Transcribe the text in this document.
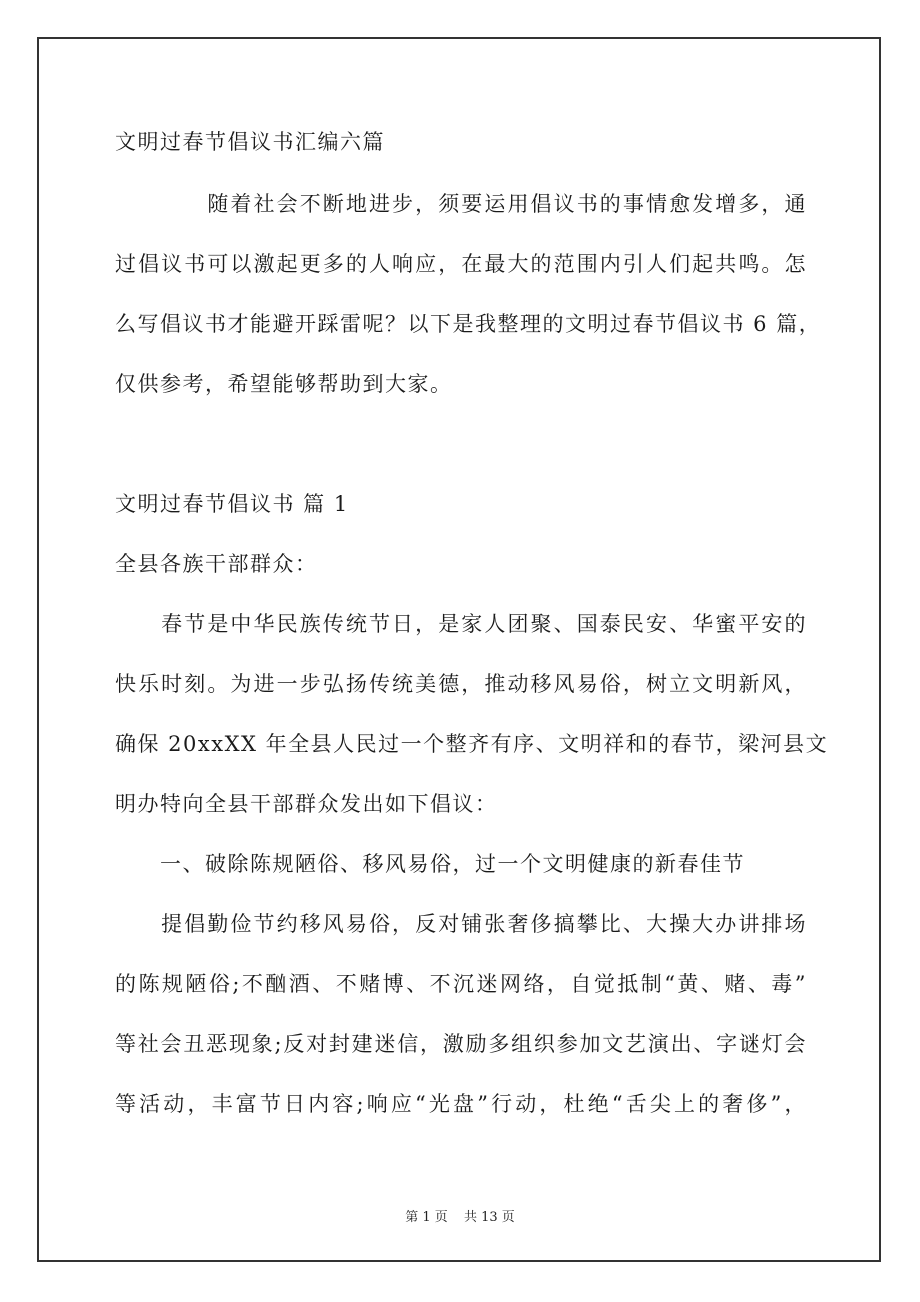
文明过春节倡议书汇编六篇
　　　　随着社会不断地进步，须要运用倡议书的事情愈发增多，通
过倡议书可以激起更多的人响应，在最大的范围内引人们起共鸣。怎
么写倡议书才能避开踩雷呢？以下是我整理的文明过春节倡议书 6 篇，
仅供参考，希望能够帮助到大家。
文明过春节倡议书 篇 1
全县各族干部群众：
　　春节是中华民族传统节日，是家人团聚、国泰民安、华蜜平安的
快乐时刻。为进一步弘扬传统美德，推动移风易俗，树立文明新风，
确保 20xxXX 年全县人民过一个整齐有序、文明祥和的春节，梁河县文
明办特向全县干部群众发出如下倡议：
　　一、破除陈规陋俗、移风易俗，过一个文明健康的新春佳节
　　提倡勤俭节约移风易俗，反对铺张奢侈搞攀比、大操大办讲排场
的陈规陋俗;不酗酒、不赌博、不沉迷网络，自觉抵制“黄、赌、毒”
等社会丑恶现象;反对封建迷信，激励多组织参加文艺演出、字谜灯会
等活动，丰富节日内容;响应“光盘”行动，杜绝“舌尖上的奢侈”，
第 1 页 共 13 页
